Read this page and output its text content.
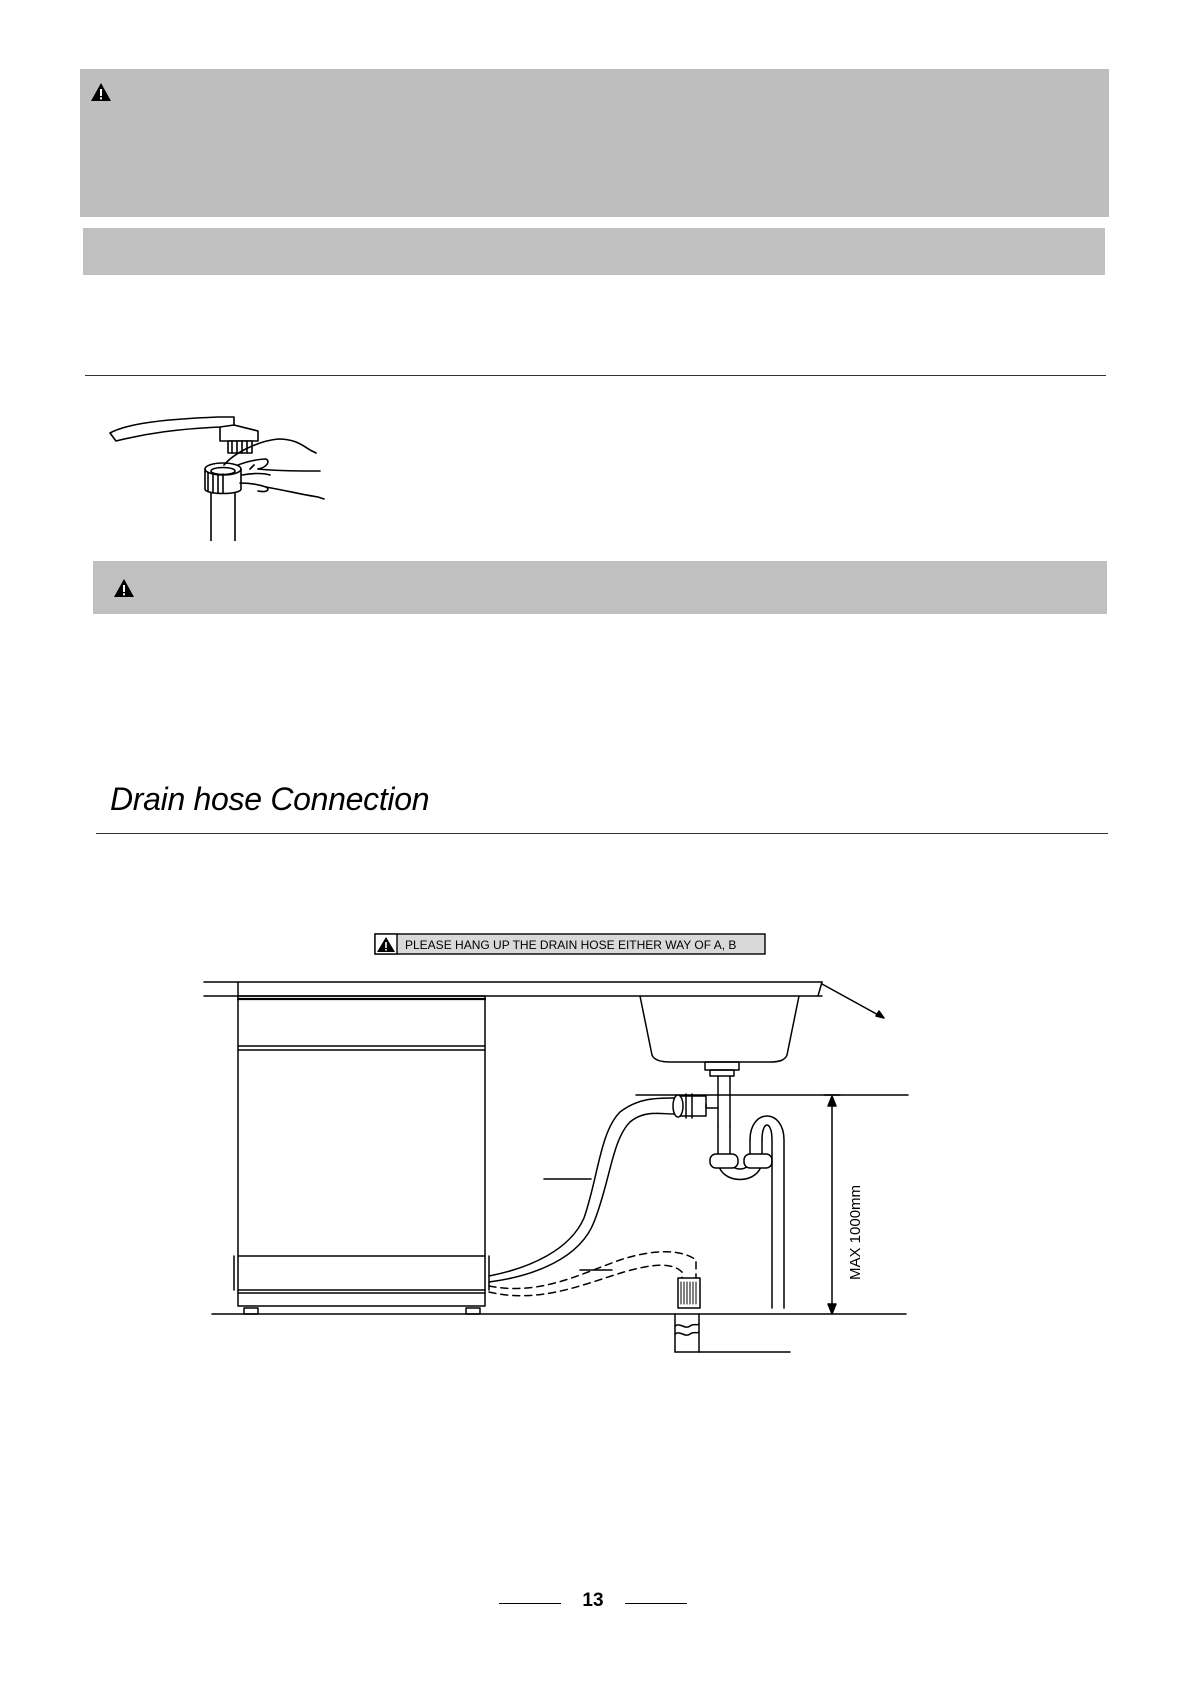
Drain hose Connection
PLEASE HANG UP THE DRAIN HOSE EITHER WAY OF A, B
MAX 1000mm
13
